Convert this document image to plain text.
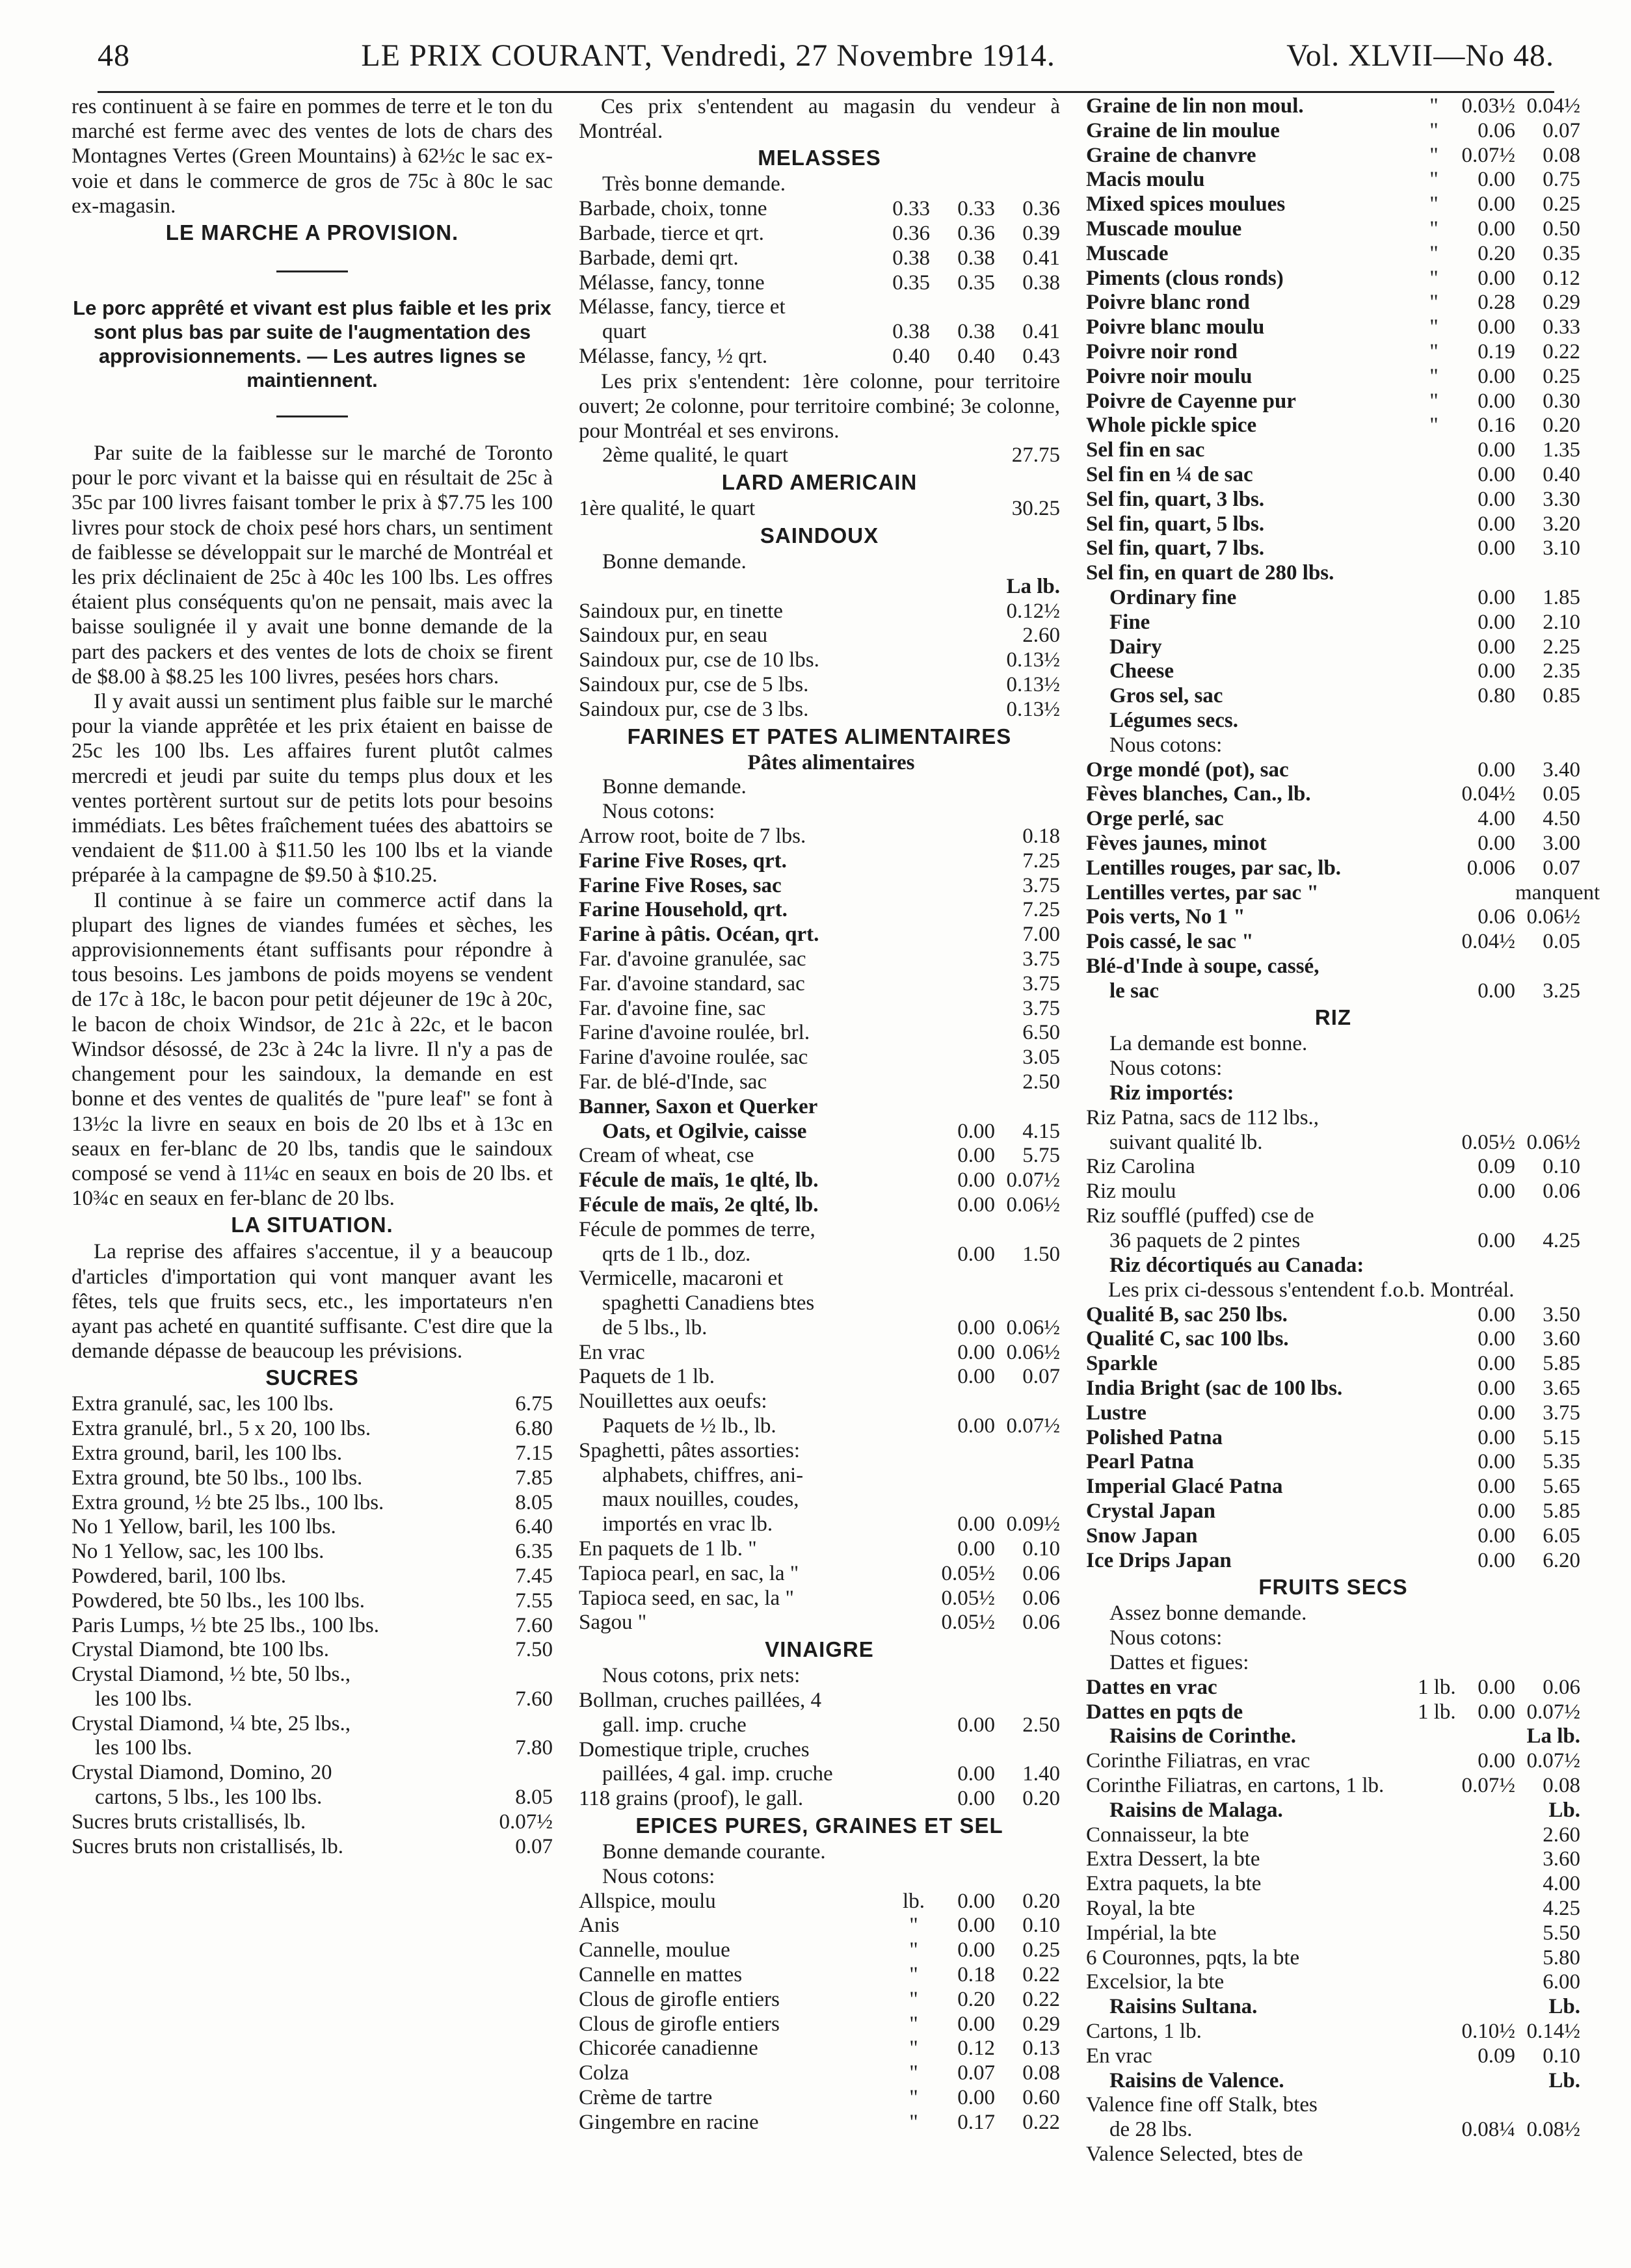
48	LE PRIX COURANT, Vendredi, 27 Novembre 1914.	Vol. XLVII—No 48.

res continuent à se faire en pommes de terre et le ton du marché est ferme avec des ventes de lots de chars des Montagnes Vertes (Green Mountains) à 62½c le sac ex-voie et dans le commerce de gros de 75c à 80c le sac ex-magasin.

LE MARCHE A PROVISION.

Le porc apprêté et vivant est plus faible et les prix sont plus bas par suite de l'augmentation des approvisionnements. — Les autres lignes se maintiennent.

Par suite de la faiblesse sur le marché de Toronto pour le porc vivant et la baisse qui en résultait de 25c à 35c par 100 livres faisant tomber le prix à $7.75 les 100 livres pour stock de choix pesé hors chars, un sentiment de faiblesse se développait sur le marché de Montréal et les prix déclinaient de 25c à 40c les 100 lbs. Les offres étaient plus conséquents qu'on ne pensait, mais avec la baisse soulignée il y avait une bonne demande de la part des packers et des ventes de lots de choix se firent de $8.00 à $8.25 les 100 livres, pesées hors chars.

Il y avait aussi un sentiment plus faible sur le marché pour la viande apprêtée et les prix étaient en baisse de 25c les 100 lbs. Les affaires furent plutôt calmes mercredi et jeudi par suite du temps plus doux et les ventes portèrent surtout sur de petits lots pour besoins immédiats. Les bêtes fraîchement tuées des abattoirs se vendaient de $11.00 à $11.50 les 100 lbs et la viande préparée à la campagne de $9.50 à $10.25.

Il continue à se faire un commerce actif dans la plupart des lignes de viandes fumées et sèches, les approvisionnements étant suffisants pour répondre à tous besoins. Les jambons de poids moyens se vendent de 17c à 18c, le bacon pour petit déjeuner de 19c à 20c, le bacon de choix Windsor, de 21c à 22c, et le bacon Windsor désossé, de 23c à 24c la livre. Il n'y a pas de changement pour les saindoux, la demande en est bonne et des ventes de qualités de "pure leaf" se font à 13½c la livre en seaux en bois de 20 lbs et à 13c en seaux en fer-blanc de 20 lbs, tandis que le saindoux composé se vend à 11¼c en seaux en bois de 20 lbs. et 10¾c en seaux en fer-blanc de 20 lbs.

LA SITUATION.

La reprise des affaires s'accentue, il y a beaucoup d'articles d'importation qui vont manquer avant les fêtes, tels que fruits secs, etc., les importateurs n'en ayant pas acheté en quantité suffisante. C'est dire que la demande dépasse de beaucoup les prévisions.

SUCRES
Extra granulé, sac, les 100 lbs.	6.75
Extra granulé, brl., 5 x 20, 100 lbs.	6.80
Extra ground, baril, les 100 lbs.	7.15
Extra ground, bte 50 lbs., 100 lbs.	7.85
Extra ground, ½ bte 25 lbs., 100 lbs.	8.05
No 1 Yellow, baril, les 100 lbs.	6.40
No 1 Yellow, sac, les 100 lbs.	6.35
Powdered, baril, 100 lbs.	7.45
Powdered, bte 50 lbs., les 100 lbs.	7.55
Paris Lumps, ½ bte 25 lbs., 100 lbs.	7.60
Crystal Diamond, bte 100 lbs.	7.50
Crystal Diamond, ½ bte, 50 lbs.,
les 100 lbs.	7.60
Crystal Diamond, ¼ bte, 25 lbs.,
les 100 lbs.	7.80
Crystal Diamond, Domino, 20
cartons, 5 lbs., les 100 lbs.	8.05
Sucres bruts cristallisés, lb.	0.07½
Sucres bruts non cristallisés, lb.	0.07

Ces prix s'entendent au magasin du vendeur à Montréal.

MELASSES

Très bonne demande.

Barbade, choix, tonne	0.33	0.33	0.36
Barbade, tierce et qrt.	0.36	0.36	0.39
Barbade, demi qrt.	0.38	0.38	0.41
Mélasse, fancy, tonne	0.35	0.35	0.38
Mélasse, fancy, tierce et
quart	0.38	0.38	0.41
Mélasse, fancy, ½ qrt.	0.40	0.40	0.43

Les prix s'entendent: 1ère colonne, pour territoire ouvert; 2e colonne, pour territoire combiné; 3e colonne, pour Montréal et ses environs.

2ème qualité, le quart	27.75
LARD AMERICAIN
1ère qualité, le quart	30.25
SAINDOUX

Bonne demande.

La lb.
Saindoux pur, en tinette	0.12½
Saindoux pur, en seau	2.60
Saindoux pur, cse de 10 lbs.	0.13½
Saindoux pur, cse de 5 lbs.	0.13½
Saindoux pur, cse de 3 lbs.	0.13½
FARINES ET PATES ALIMENTAIRES
Pâtes alimentaires

Bonne demande.

Nous cotons:

Arrow root, boite de 7 lbs.	0.18
Farine Five Roses, qrt.	7.25
Farine Five Roses, sac	3.75
Farine Household, qrt.	7.25
Farine à pâtis. Océan, qrt.	7.00
Far. d'avoine granulée, sac	3.75
Far. d'avoine standard, sac	3.75
Far. d'avoine fine, sac	3.75
Farine d'avoine roulée, brl.	6.50
Farine d'avoine roulée, sac	3.05
Far. de blé-d'Inde, sac	2.50
Banner, Saxon et Querker
Oats, et Ogilvie, caisse	0.00	4.15
Cream of wheat, cse	0.00	5.75
Fécule de maïs, 1e qlté, lb.	0.00 0.07½
Fécule de maïs, 2e qlté, lb.	0.00 0.06½
Fécule de pommes de terre,
qrts de 1 lb., doz.	0.00	1.50
Vermicelle, macaroni et
spaghetti Canadiens btes
de 5 lbs., lb.	0.00 0.06½
En vrac	0.00 0.06½
Paquets de 1 lb.	0.00	0.07
Nouillettes aux oeufs:
Paquets de ½ lb., lb.	0.00 0.07½
Spaghetti, pâtes assorties:
alphabets, chiffres, ani-
maux nouilles, coudes,
importés en vrac lb.	0.00 0.09½
En paquets de 1 lb. "	0.00	0.10
Tapioca pearl, en sac, la "	0.05½	0.06
Tapioca seed, en sac, la "	0.05½	0.06
Sagou "	0.05½	0.06
VINAIGRE

Nous cotons, prix nets:

Bollman, cruches paillées, 4
gall. imp. cruche	0.00	2.50
Domestique triple, cruches
paillées, 4 gal. imp. cruche	0.00	1.40
118 grains (proof), le gall.	0.00	0.20
EPICES PURES, GRAINES ET SEL

Bonne demande courante.

Nous cotons:

Allspice, moulu	lb.	0.00	0.20
Anis	"	0.00	0.10
Cannelle, moulue	"	0.00	0.25
Cannelle en mattes	"	0.18	0.22
Clous de girofle entiers	"	0.20	0.22
Clous de girofle entiers	"	0.00	0.29
Chicorée canadienne	"	0.12	0.13
Colza	"	0.07	0.08
Crème de tartre	"	0.00	0.60
Gingembre en racine	"	0.17	0.22
Graine de lin non moul.	"	0.03½ 0.04½
Graine de lin moulue	"	0.06	0.07
Graine de chanvre	"	0.07½	0.08
Macis moulu	"	0.00	0.75
Mixed spices moulues	"	0.00	0.25
Muscade moulue	"	0.00	0.50
Muscade	"	0.20	0.35
Piments (clous ronds)	"	0.00	0.12
Poivre blanc rond	"	0.28	0.29
Poivre blanc moulu	"	0.00	0.33
Poivre noir rond	"	0.19	0.22
Poivre noir moulu	"	0.00	0.25
Poivre de Cayenne pur	"	0.00	0.30
Whole pickle spice	"	0.16	0.20
Sel fin en sac	0.00	1.35
Sel fin en ¼ de sac	0.00	0.40
Sel fin, quart, 3 lbs.	0.00	3.30
Sel fin, quart, 5 lbs.	0.00	3.20
Sel fin, quart, 7 lbs.	0.00	3.10
Sel fin, en quart de 280 lbs.
Ordinary fine	0.00	1.85
Fine	0.00	2.10
Dairy	0.00	2.25
Cheese	0.00	2.35
Gros sel, sac	0.80	0.85
Légumes secs.

Nous cotons:

Orge mondé (pot), sac	0.00	3.40
Fèves blanches, Can., lb.	0.04½	0.05
Orge perlé, sac	4.00	4.50
Fèves jaunes, minot	0.00	3.00
Lentilles rouges, par sac, lb.	0.006	0.07
Lentilles vertes, par sac "	manquent
Pois verts, No 1 "	0.06 0.06½
Pois cassé, le sac "	0.04½	0.05
Blé-d'Inde à soupe, cassé,
le sac	0.00	3.25
RIZ

La demande est bonne.

Nous cotons:

Riz importés:
Riz Patna, sacs de 112 lbs.,
suivant qualité lb.	0.05½ 0.06½
Riz Carolina	0.09	0.10
Riz moulu	0.00	0.06
Riz soufflé (puffed) cse de
36 paquets de 2 pintes	0.00	4.25
Riz décortiqués au Canada:

Les prix ci-dessous s'entendent f.o.b. Montréal.

Qualité B, sac 250 lbs.	0.00	3.50
Qualité C, sac 100 lbs.	0.00	3.60
Sparkle	0.00	5.85
India Bright (sac de 100 lbs.	0.00	3.65
Lustre	0.00	3.75
Polished Patna	0.00	5.15
Pearl Patna	0.00	5.35
Imperial Glacé Patna	0.00	5.65
Crystal Japan	0.00	5.85
Snow Japan	0.00	6.05
Ice Drips Japan	0.00	6.20
FRUITS SECS

Assez bonne demande.

Nous cotons:

Dattes et figues:

Dattes en vrac	1 lb.	0.00	0.06
Dattes en pqts de	1 lb.	0.00 0.07½
Raisins de Corinthe.	La lb.
Corinthe Filiatras, en vrac	0.00 0.07½
Corinthe Filiatras, en cartons, 1 lb.	0.07½	0.08
Raisins de Malaga.	Lb.
Connaisseur, la bte	2.60
Extra Dessert, la bte	3.60
Extra paquets, la bte	4.00
Royal, la bte	4.25
Impérial, la bte	5.50
6 Couronnes, pqts, la bte	5.80
Excelsior, la bte	6.00
Raisins Sultana.	Lb.
Cartons, 1 lb.	0.10½ 0.14½
En vrac	0.09	0.10
Raisins de Valence.	Lb.
Valence fine off Stalk, btes
de 28 lbs.	0.08¼ 0.08½
Valence Selected, btes de
